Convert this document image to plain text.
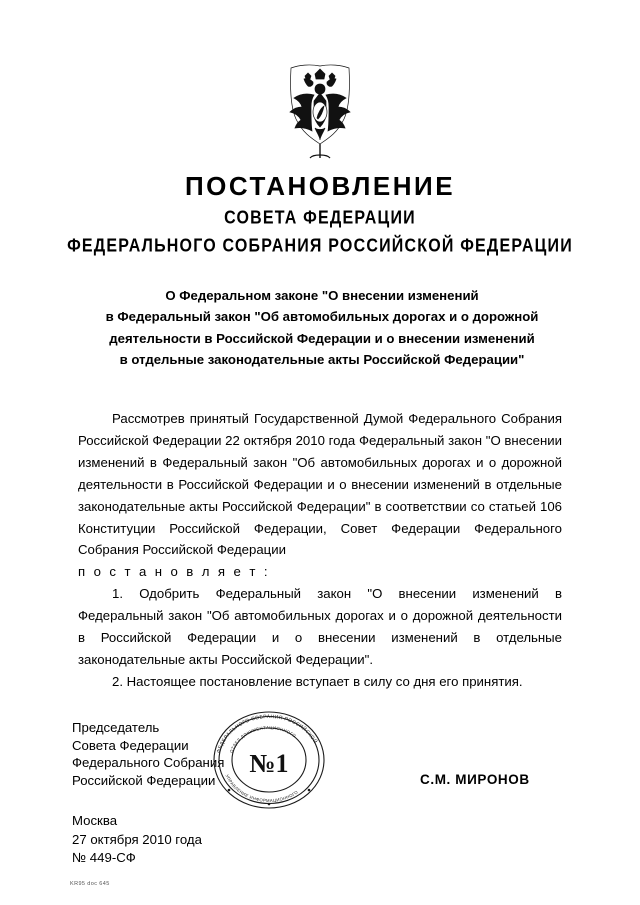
ПОСТАНОВЛЕНИЕ
СОВЕТА ФЕДЕРАЦИИ
ФЕДЕРАЛЬНОГО СОБРАНИЯ РОССИЙСКОЙ ФЕДЕРАЦИИ
О Федеральном законе "О внесении изменений
в Федеральный закон "Об автомобильных дорогах и о дорожной
деятельности в Российской Федерации и о внесении изменений
в отдельные законодательные акты Российской Федерации"

Рассмотрев принятый Государственной Думой Федерального Собрания Российской Федерации 22 октября 2010 года Федеральный закон "О внесении изменений в Федеральный закон "Об автомобильных дорогах и о дорожной деятельности в Российской Федерации и о внесении изменений в отдельные законодательные акты Российской Федерации" в соответствии со статьей 106 Конституции Российской Федерации, Совет Федерации Федерального Собрания Российской Федерации

п о с т а н о в л я е т :

1. Одобрить Федеральный закон "О внесении изменений в Федеральный закон "Об автомобильных дорогах и о дорожной деятельности в Российской Федерации и о внесении изменений в отдельные законодательные акты Российской Федерации".

2. Настоящее постановление вступает в силу со дня его принятия.

Председатель
Совета Федерации
Федерального Собрания
Российской Федерации
ФЕДЕРАЛЬНОГО СОБРАНИЯ РОССИЙСКОЙ
ОТДЕЛ ДОКУМЕНТАЦИОННОГО
УПРАВЛЕНИЕ ИНФОРМАЦИОННОГО
№1
С.М. МИРОНОВ
Москва
27 октября 2010 года
№ 449-СФ
KR95 doc 645
